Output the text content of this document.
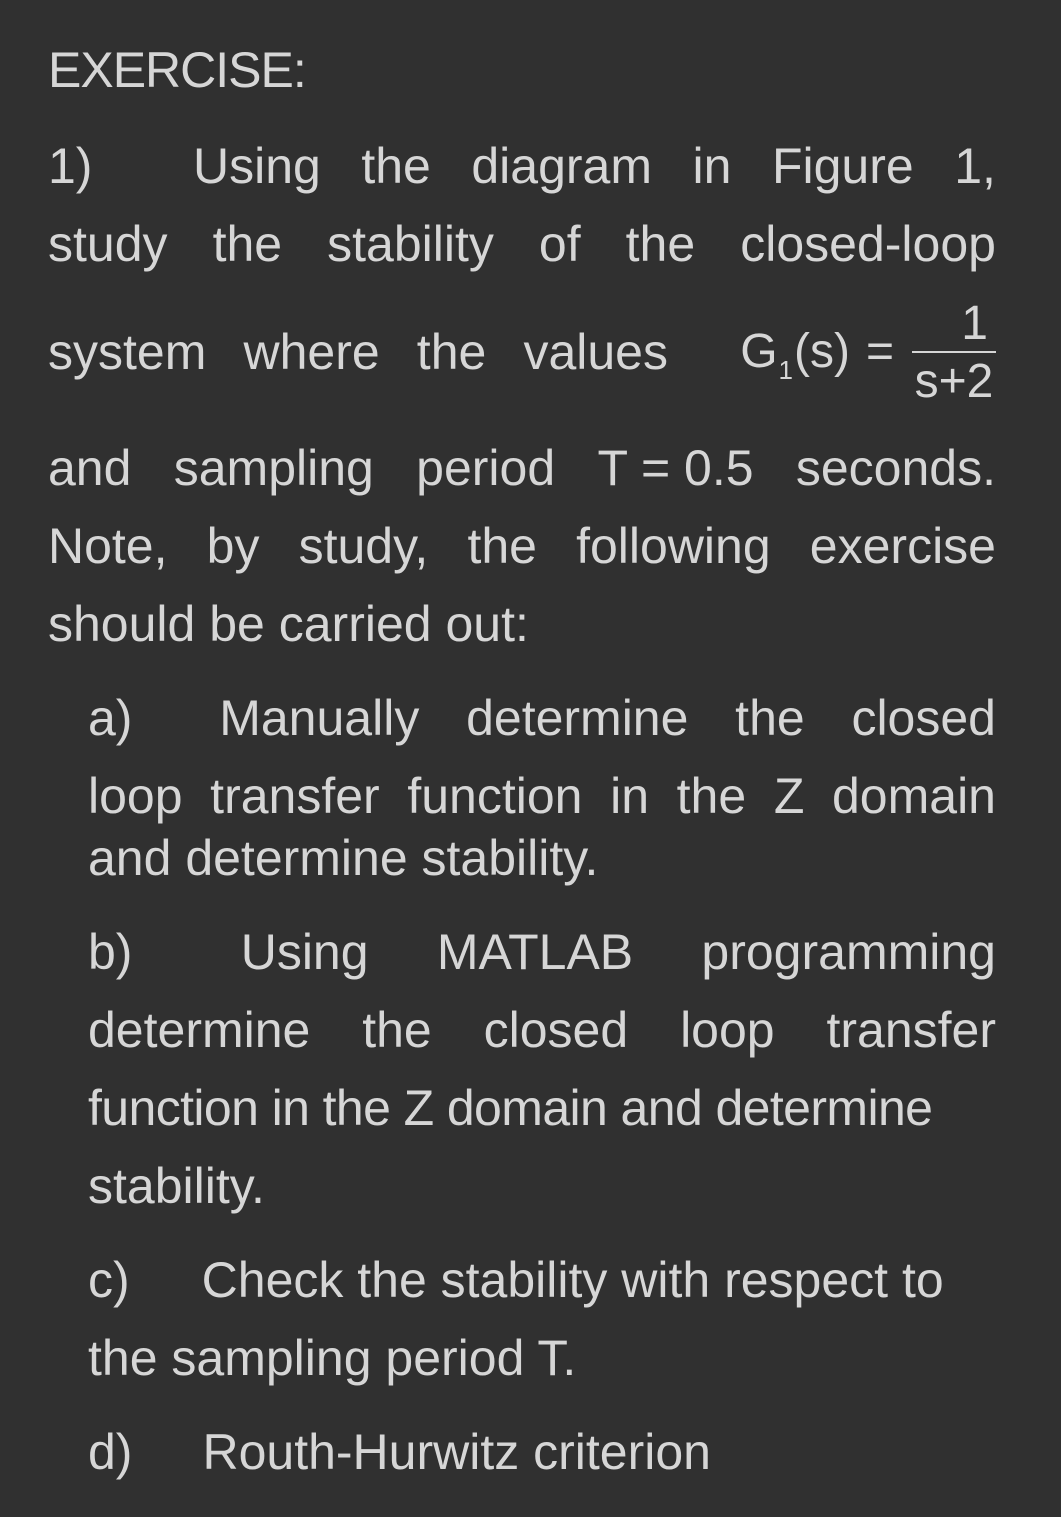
EXERCISE:
1) Using the diagram in Figure 1,
study the stability of the closed-loop
system where the values G 1 $(s) = \frac{1}{s+2}$
and sampling period T = 0.5 seconds.
Note, by study, the following exercise
should be carried out:
a) Manually determine the closed
loop transfer function in the Z domain
and determine stability.
b) Using MATLAB programming
determine the closed loop transfer
function in the Z domain and determine
stability.
c) Check the stability with respect to
the sampling period T.
d) Routh-Hurwitz criterion
